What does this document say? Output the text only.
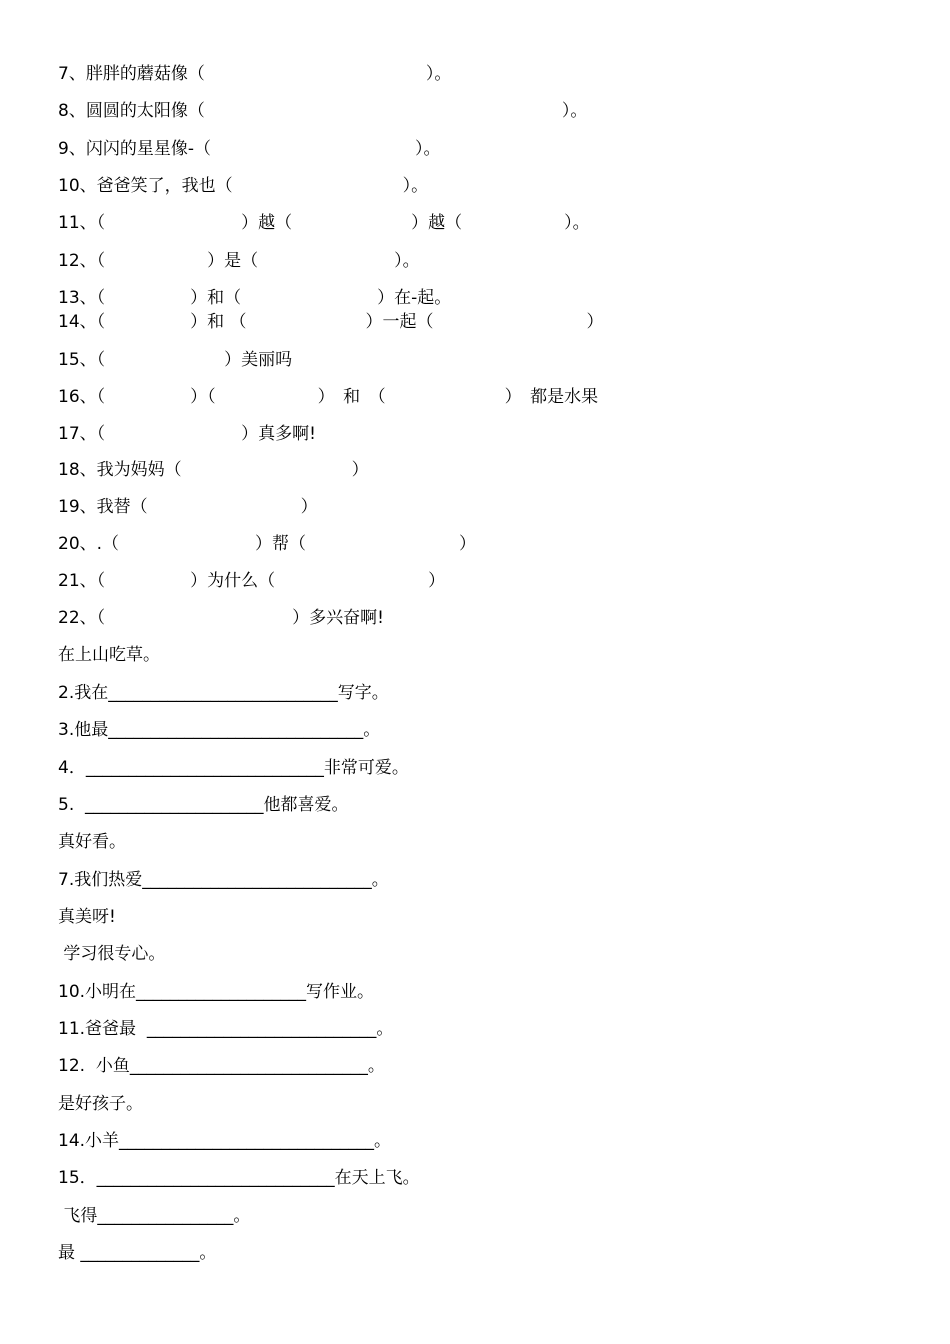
7、胖胖的蘑菇像（　　　　　　　　　　　　　）。
8、圆圆的太阳像（　　　　　　　　　　　　　　　　　　　　　）。
9、闪闪的星星像-（　　　　　　　　　　　　）。
10、爸爸笑了，我也（　　　　　　　　　　）。
11、（　　　　　　　　）越（　　　　　　　）越（　　　　　　）。
12、（　　　　　　）是（　　　　　　　　）。
13、（　　　　　）和（　　　　　　　　）在-起。
14、（　　　　　）和 （　　　　　　　）一起（　　　　　　　　　）
15、（　　　　　　　）美丽吗
16、（　　　　　）（　　　　　　）　和　（　　　　　　　）　都是水果
17、（　　　　　　　　）真多啊!
18、我为妈妈（　　　　　　　　　　）
19、我替（　　　　　　　　　）
20、.（　　　　　　　　）帮（　　　　　　　　　）
21、（　　　　　）为什么（　　　　　　　　　）
22、（　　　　　　　　　　　）多兴奋啊!
在上山吃草。
2.我在___________________________写字。
3.他最______________________________。
4．____________________________非常可爱。
5.  _____________________他都喜爱。
真好看。
7.我们热爱___________________________。
真美呀!
学习很专心。
10.小明在____________________写作业。
11.爸爸最  ___________________________。
12.  小鱼____________________________。
是好孩子。
14.小羊______________________________。
15．____________________________在天上飞。
飞得________________。
最 ______________。
